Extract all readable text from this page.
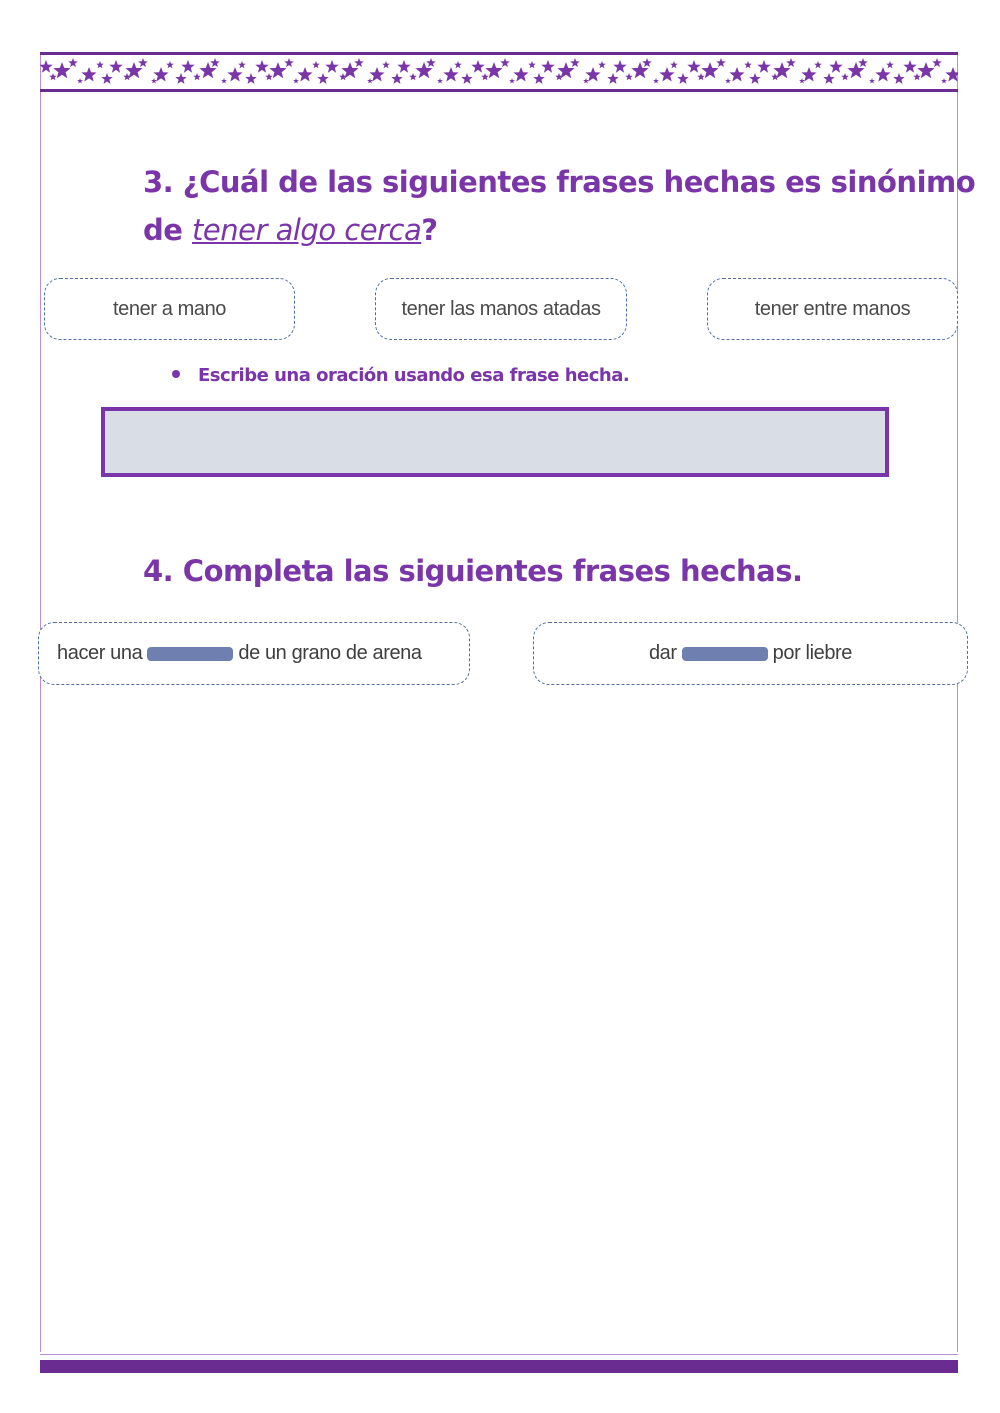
3. ¿Cuál de las siguientes frases hechas es sinónimo
de tener algo cerca?
tener a mano	tener las manos atadas	tener entre manos
Escribe una oración usando esa frase hecha.
4. Completa las siguientes frases hechas.
hacer una	de un grano de arena	dar	por liebre
